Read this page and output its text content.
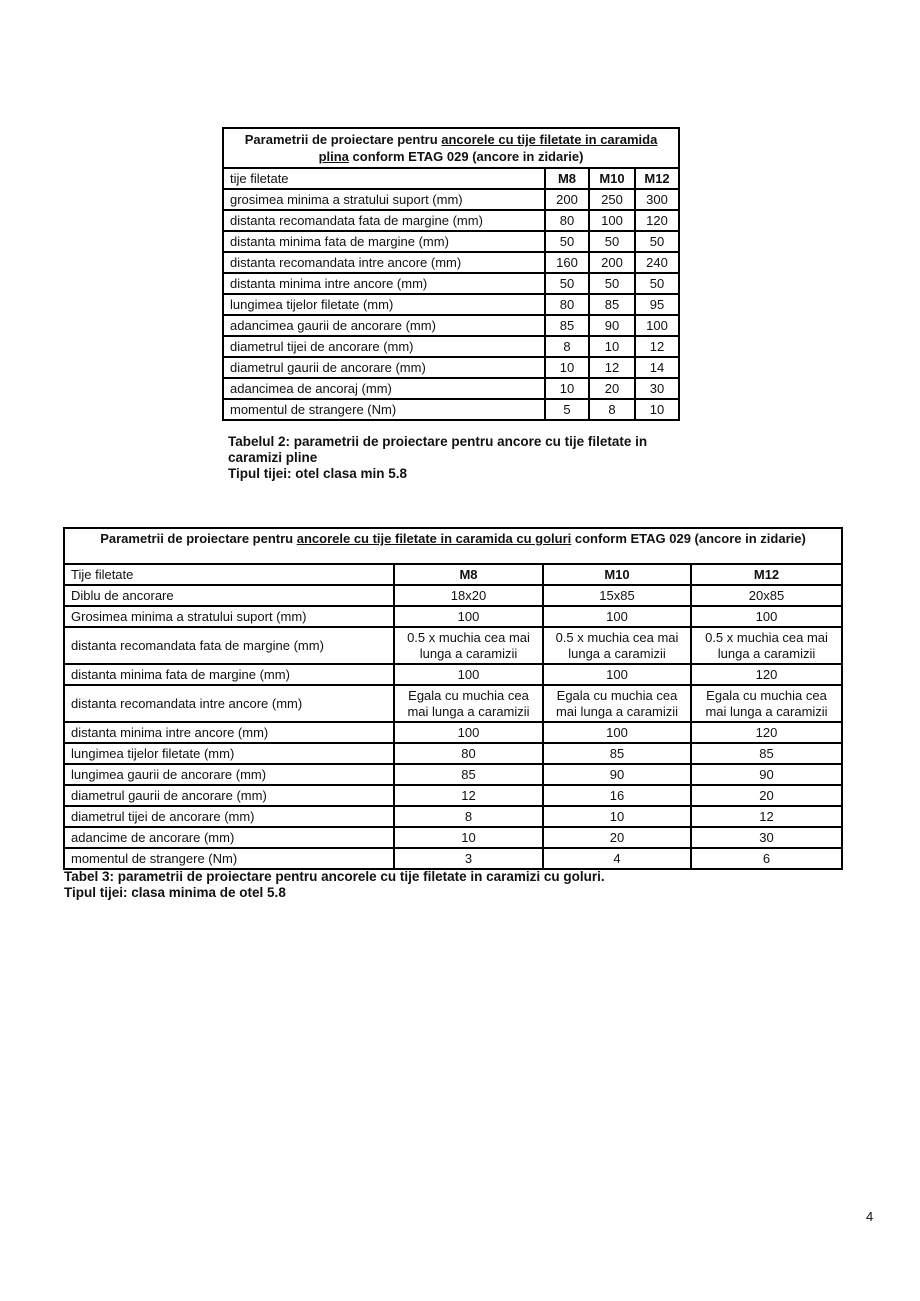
Parametrii de proiectare pentru ancorele cu tije filetate in caramida
plina conform ETAG 029 (ancore in zidarie)			

tije filetate	M8	M10	M12
grosimea minima a stratului suport (mm)	200	250	300
distanta recomandata fata de margine (mm)	80	100	120
distanta minima fata de margine (mm)	50	50	50
distanta recomandata intre ancore (mm)	160	200	240
distanta minima intre ancore (mm)	50	50	50
lungimea tijelor filetate (mm)	80	85	95
adancimea gaurii de ancorare (mm)	85	90	100
diametrul tijei de ancorare (mm)	8	10	12
diametrul gaurii de ancorare (mm)	10	12	14
adancimea de ancoraj (mm)	10	20	30
momentul de strangere (Nm)	5	8	10
Tabelul 2: parametrii de proiectare pentru ancore cu tije filetate in
caramizi pline
Tipul tijei: otel clasa min 5.8
Parametrii de proiectare pentru ancorele cu tije filetate in caramida cu goluri conform ETAG 029 (ancore in zidarie)			
Tije filetate	M8	M10	M12
Diblu de ancorare	18x20	15x85	20x85
Grosimea minima a stratului suport (mm)	100	100	100
distanta recomandata fata de margine (mm)	0.5 x muchia cea mai lunga a caramizii	0.5 x muchia cea mai lunga a caramizii	0.5 x muchia cea mai lunga a caramizii
distanta minima fata de margine (mm)	100	100	120
distanta recomandata intre ancore (mm)	Egala cu muchia cea mai lunga a caramizii	Egala cu muchia cea mai lunga a caramizii	Egala cu muchia cea mai lunga a caramizii
distanta minima intre ancore (mm)	100	100	120
lungimea tijelor filetate (mm)	80	85	85
lungimea gaurii de ancorare (mm)	85	90	90
diametrul gaurii de ancorare (mm)	12	16	20
diametrul tijei de ancorare (mm)	8	10	12
adancime de ancorare (mm)	10	20	30
momentul de strangere (Nm)	3	4	6
Tabel 3: parametrii de proiectare pentru ancorele cu tije filetate in caramizi cu goluri.
Tipul tijei: clasa minima de otel 5.8
4
